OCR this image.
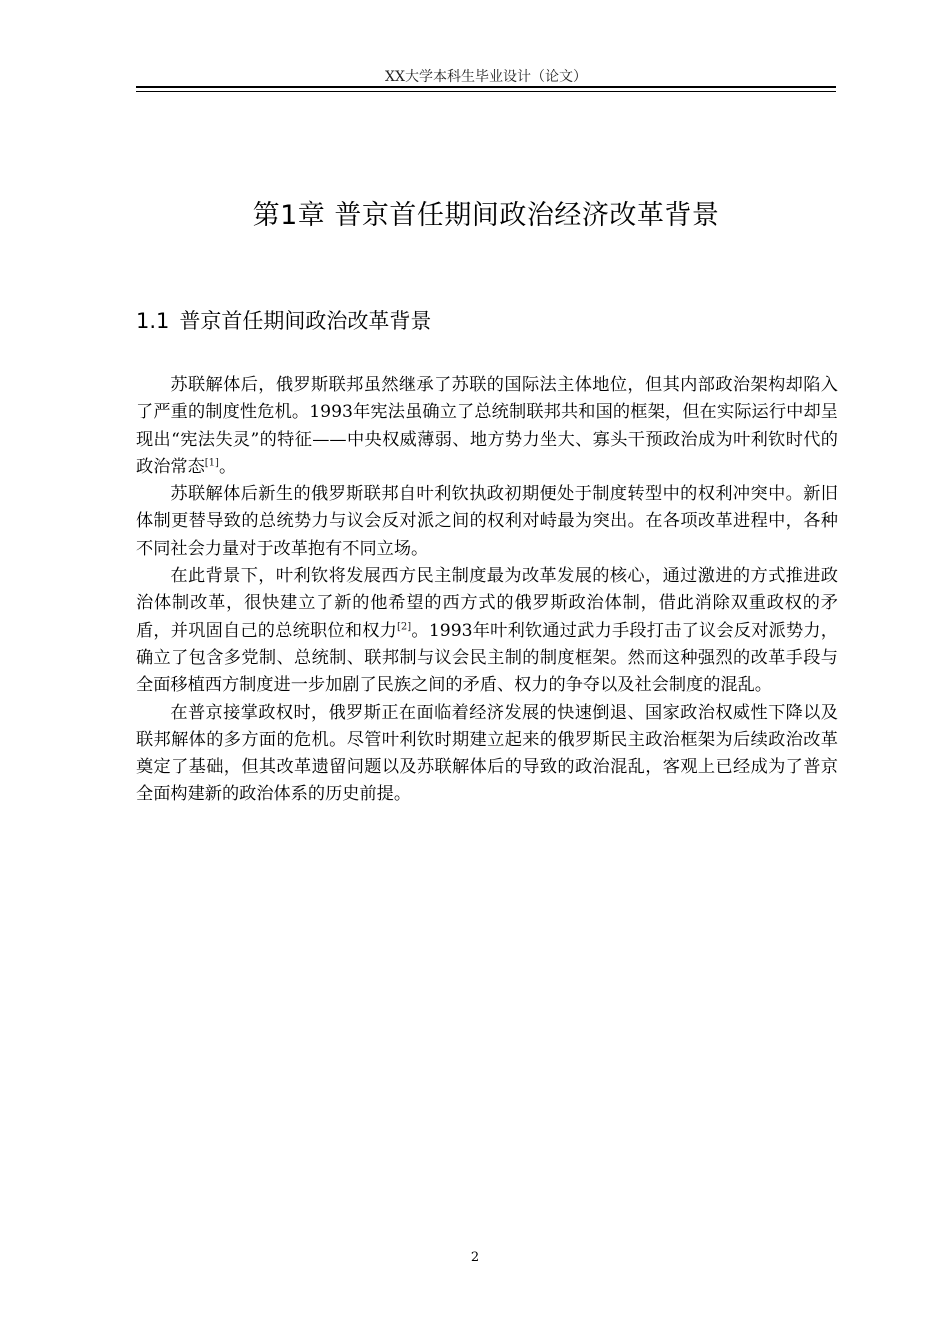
XX大学本科生毕业设计（论文）
第1章 普京首任期间政治经济改革背景
1.1 普京首任期间政治改革背景

苏联解体后，俄罗斯联邦虽然继承了苏联的国际法主体地位，但其内部政治架构却陷入了严重的制度性危机。1993年宪法虽确立了总统制联邦共和国的框架，但在实际运行中却呈现出“宪法失灵”的特征——中央权威薄弱、地方势力坐大、寡头干预政治成为叶利钦时代的政治常态[1]。

苏联解体后新生的俄罗斯联邦自叶利钦执政初期便处于制度转型中的权利冲突中。新旧体制更替导致的总统势力与议会反对派之间的权利对峙最为突出。在各项改革进程中，各种不同社会力量对于改革抱有不同立场。

在此背景下，叶利钦将发展西方民主制度最为改革发展的核心，通过激进的方式推进政治体制改革，很快建立了新的他希望的西方式的俄罗斯政治体制，借此消除双重政权的矛盾，并巩固自己的总统职位和权力[2]。1993年叶利钦通过武力手段打击了议会反对派势力，确立了包含多党制、总统制、联邦制与议会民主制的制度框架。然而这种强烈的改革手段与全面移植西方制度进一步加剧了民族之间的矛盾、权力的争夺以及社会制度的混乱。

在普京接掌政权时，俄罗斯正在面临着经济发展的快速倒退、国家政治权威性下降以及联邦解体的多方面的危机。尽管叶利钦时期建立起来的俄罗斯民主政治框架为后续政治改革奠定了基础，但其改革遗留问题以及苏联解体后的导致的政治混乱，客观上已经成为了普京全面构建新的政治体系的历史前提。

2
